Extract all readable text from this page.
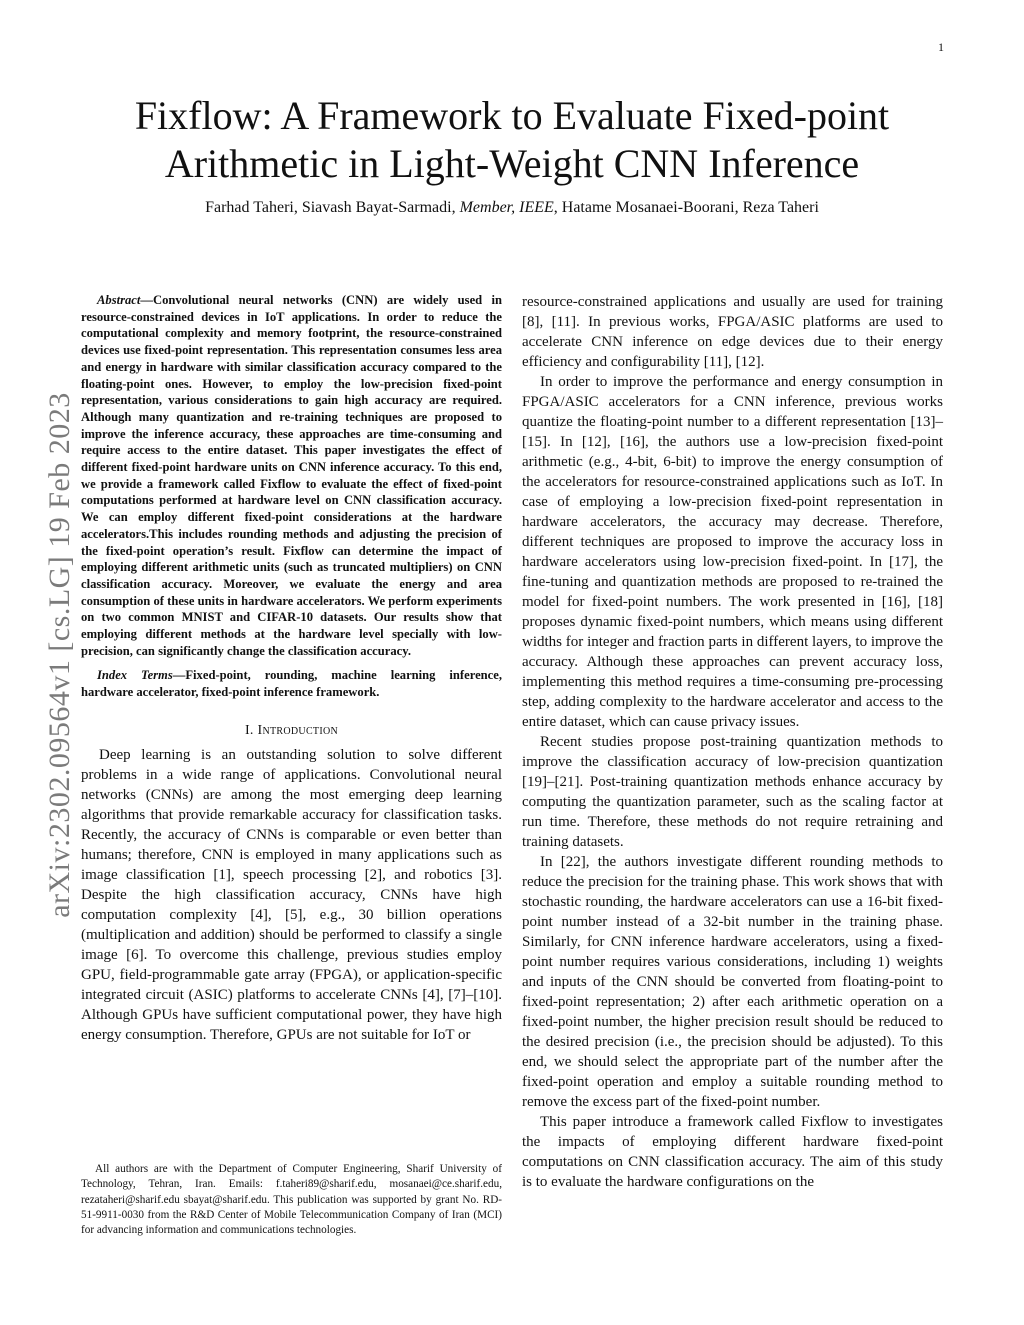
1
arXiv:2302.09564v1 [cs.LG] 19 Feb 2023
Fixflow: A Framework to Evaluate Fixed-point
Arithmetic in Light-Weight CNN Inference
Farhad Taheri, Siavash Bayat-Sarmadi, Member, IEEE, Hatame Mosanaei-Boorani, Reza Taheri

Abstract—Convolutional neural networks (CNN) are widely used in resource-constrained devices in IoT applications. In order to reduce the computational complexity and memory footprint, the resource-constrained devices use fixed-point representation. This representation consumes less area and energy in hardware with similar classification accuracy compared to the floating-point ones. However, to employ the low-precision fixed-point representation, various considerations to gain high accuracy are required. Although many quantization and re-training techniques are proposed to improve the inference accuracy, these approaches are time-consuming and require access to the entire dataset. This paper investigates the effect of different fixed-point hardware units on CNN inference accuracy. To this end, we provide a framework called Fixflow to evaluate the effect of fixed-point computations performed at hardware level on CNN classification accuracy. We can employ different fixed-point considerations at the hardware accelerators.This includes rounding methods and adjusting the precision of the fixed-point operation’s result. Fixflow can determine the impact of employing different arithmetic units (such as truncated multipliers) on CNN classification accuracy. Moreover, we evaluate the energy and area consumption of these units in hardware accelerators. We perform experiments on two common MNIST and CIFAR-10 datasets. Our results show that employing different methods at the hardware level specially with low-precision, can significantly change the classification accuracy.

Index Terms—Fixed-point, rounding, machine learning inference, hardware accelerator, fixed-point inference framework.

I. Introduction

Deep learning is an outstanding solution to solve different problems in a wide range of applications. Convolutional neural networks (CNNs) are among the most emerging deep learning algorithms that provide remarkable accuracy for classification tasks. Recently, the accuracy of CNNs is comparable or even better than humans; therefore, CNN is employed in many applications such as image classification [1], speech processing [2], and robotics [3]. Despite the high classification accuracy, CNNs have high computation complexity [4], [5], e.g., 30 billion operations (multiplication and addition) should be performed to classify a single image [6]. To overcome this challenge, previous studies employ GPU, field-programmable gate array (FPGA), or application-specific integrated circuit (ASIC) platforms to accelerate CNNs [4], [7]–[10]. Although GPUs have sufficient computational power, they have high energy consumption. Therefore, GPUs are not suitable for IoT or

All authors are with the Department of Computer Engineering, Sharif University of Technology, Tehran, Iran. Emails: f.taheri89@sharif.edu, mosanaei@ce.sharif.edu, rezataheri@sharif.edu sbayat@sharif.edu. This publication was supported by grant No. RD-51-9911-0030 from the R&D Center of Mobile Telecommunication Company of Iran (MCI) for advancing information and communications technologies.

resource-constrained applications and usually are used for training [8], [11]. In previous works, FPGA/ASIC platforms are used to accelerate CNN inference on edge devices due to their energy efficiency and configurability [11], [12].

In order to improve the performance and energy consumption in FPGA/ASIC accelerators for a CNN inference, previous works quantize the floating-point number to a different representation [13]–[15]. In [12], [16], the authors use a low-precision fixed-point arithmetic (e.g., 4-bit, 6-bit) to improve the energy consumption of the accelerators for resource-constrained applications such as IoT. In case of employing a low-precision fixed-point representation in hardware accelerators, the accuracy may decrease. Therefore, different techniques are proposed to improve the accuracy loss in hardware accelerators using low-precision fixed-point. In [17], the fine-tuning and quantization methods are proposed to re-trained the model for fixed-point numbers. The work presented in [16], [18] proposes dynamic fixed-point numbers, which means using different widths for integer and fraction parts in different layers, to improve the accuracy. Although these approaches can prevent accuracy loss, implementing this method requires a time-consuming pre-processing step, adding complexity to the hardware accelerator and access to the entire dataset, which can cause privacy issues.

Recent studies propose post-training quantization methods to improve the classification accuracy of low-precision quantization [19]–[21]. Post-training quantization methods enhance accuracy by computing the quantization parameter, such as the scaling factor at run time. Therefore, these methods do not require retraining and training datasets.

In [22], the authors investigate different rounding methods to reduce the precision for the training phase. This work shows that with stochastic rounding, the hardware accelerators can use a 16-bit fixed-point number instead of a 32-bit number in the training phase. Similarly, for CNN inference hardware accelerators, using a fixed-point number requires various considerations, including 1) weights and inputs of the CNN should be converted from floating-point to fixed-point representation; 2) after each arithmetic operation on a fixed-point number, the higher precision result should be reduced to the desired precision (i.e., the precision should be adjusted). To this end, we should select the appropriate part of the number after the fixed-point operation and employ a suitable rounding method to remove the excess part of the fixed-point number.

This paper introduce a framework called Fixflow to investigates the impacts of employing different hardware fixed-point computations on CNN classification accuracy. The aim of this study is to evaluate the hardware configurations on the
